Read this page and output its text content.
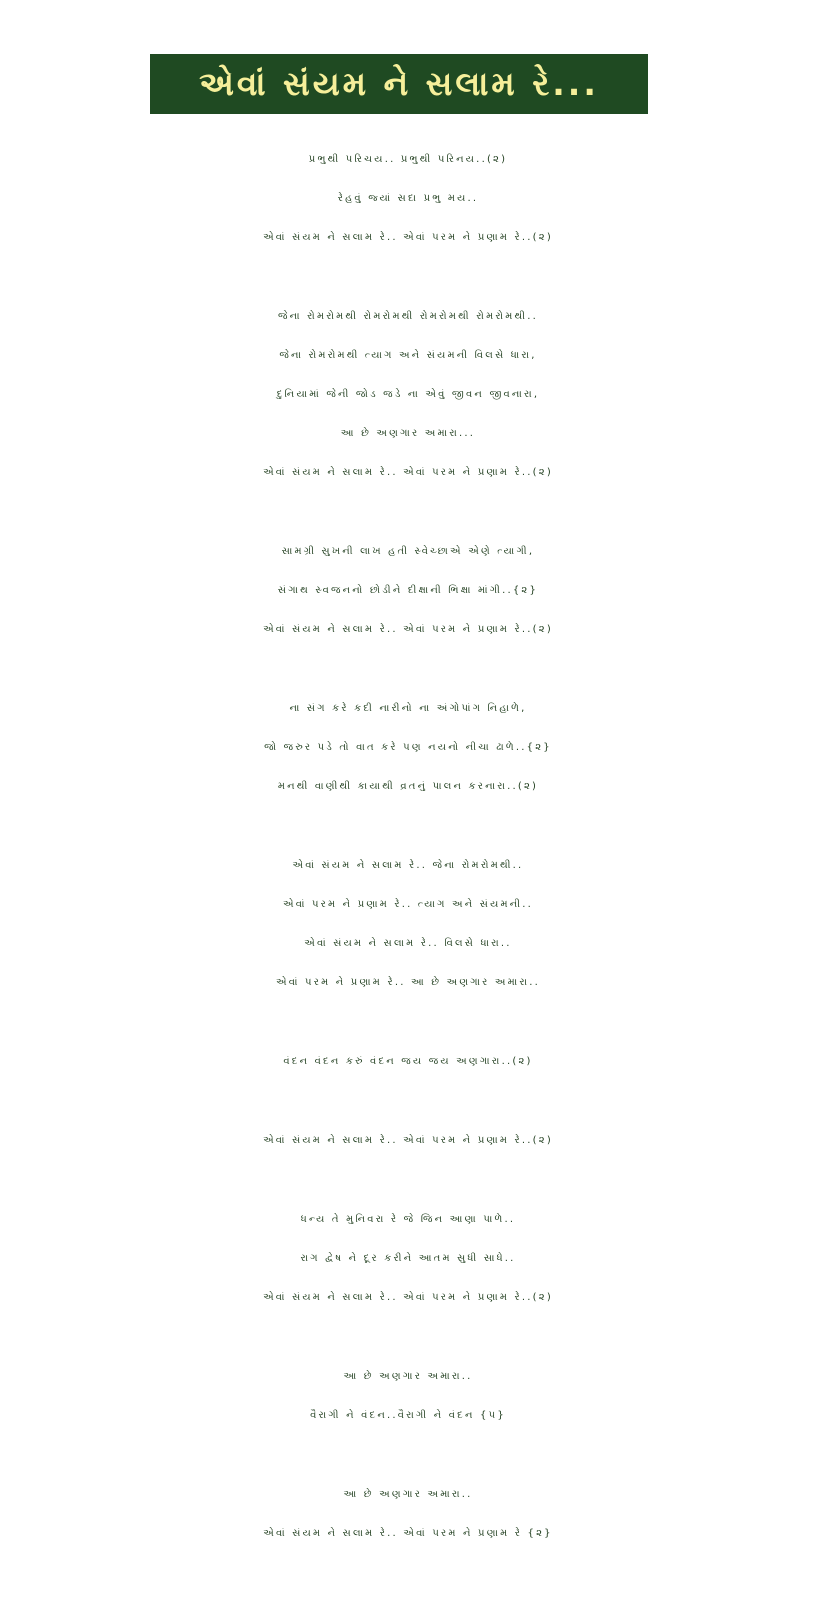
એવાં સંયમ ને સલામ રે...
પ્રભુથી પરિચય.. પ્રભુથી પરિનય..(૨)
રેહવું જ્યાં સદા પ્રભુ મય..
એવાં સંયમ ને સલામ રે.. એવાં પરમ ને પ્રણામ રે..(૨)
જેના રોમરોમથી રોમરોમથી રોમરોમથી રોમરોમથી..
જેના રોમરોમથી ત્યાગ અને સંયમની વિલસે ધારા,
દુનિયામાં જેની જોડ જડે ના એવું જીવન જીવનારા,
આ છે અણગાર અમારા...
એવાં સંયમ ને સલામ રે.. એવાં પરમ ને પ્રણામ રે..(૨)
સામગ્રી સુખની લાખ હતી સ્વેચ્છાએ એણે ત્યાગી,
સંગાથ સ્વજનનો છોડીને દીક્ષાની ભિક્ષા માંગી..{૨}
એવાં સંયમ ને સલામ રે.. એવાં પરમ ને પ્રણામ રે..(૨)
ના સંગ કરે કદી નારીનો ના અંગોપાંગ નિહાળે,
જો જરુર પડે તો વાત કરે પણ નયનો નીચા ઢાળે..{૨}
મનથી વાણીથી કાયાથી વ્રતનું પાલન કરનારા..(૨)
એવાં સંયમ ને સલામ રે.. જેના રોમરોમથી..
એવાં પરમ ને પ્રણામ રે.. ત્યાગ અને સંયમની..
એવાં સંયમ ને સલામ રે.. વિલસે ધારા..
એવાં પરમ ને પ્રણામ રે.. આ છે અણગાર અમારા..
વંદન વંદન કરું વંદન જય જય અણગારા..(૨)
એવાં સંયમ ને સલામ રે.. એવાં પરમ ને પ્રણામ રે..(૨)
ધન્ય તે મુનિવરા રે જે જિન આણા પાળે..
રાગ દ્વેષ ને દૂર કરીને આતમ સુધી સાધે..
એવાં સંયમ ને સલામ રે.. એવાં પરમ ને પ્રણામ રે..(૨)
આ છે અણગાર અમારા..
વૈરાગી ને વંદન..વૈરાગી ને વંદન {૫}
આ છે અણગાર અમારા..
એવાં સંયમ ને સલામ રે.. એવાં પરમ ને પ્રણામ રે {૨}
